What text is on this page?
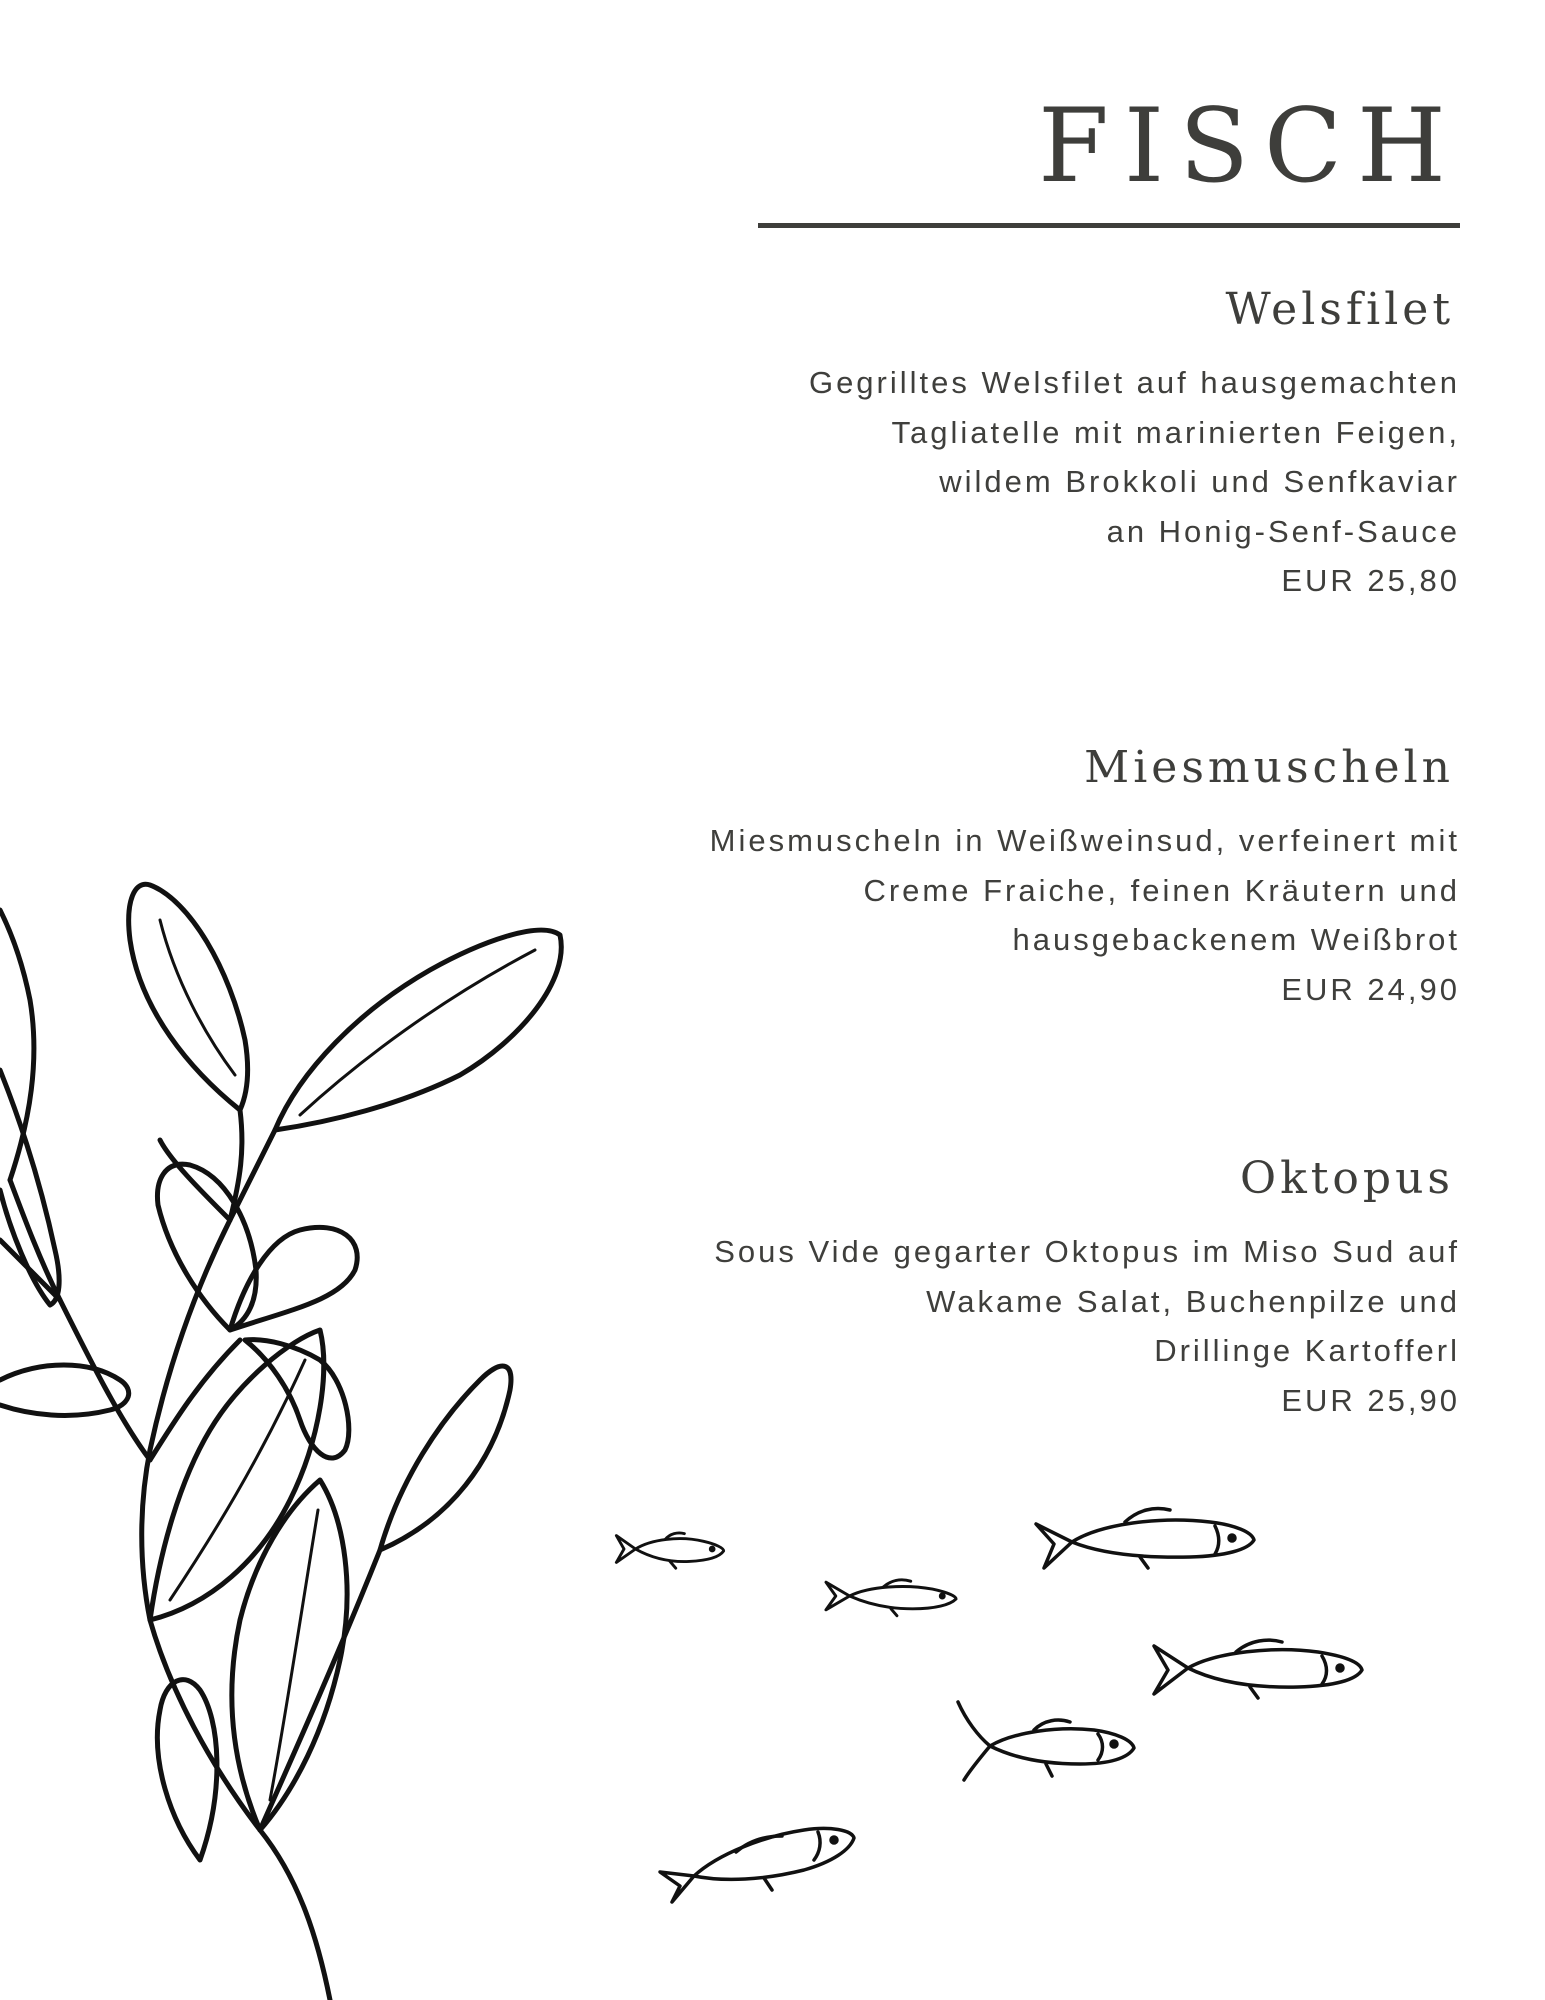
FISCH
Welsfilet
Gegrilltes Welsfilet auf hausgemachten
Tagliatelle mit marinierten Feigen,
wildem Brokkoli und Senfkaviar
an Honig-Senf-Sauce
EUR 25,80
Miesmuscheln
Miesmuscheln in Weißweinsud, verfeinert mit
Creme Fraiche, feinen Kräutern und
hausgebackenem Weißbrot
EUR 24,90
Oktopus
Sous Vide gegarter Oktopus im Miso Sud auf
Wakame Salat, Buchenpilze und
Drillinge Kartofferl
EUR 25,90
